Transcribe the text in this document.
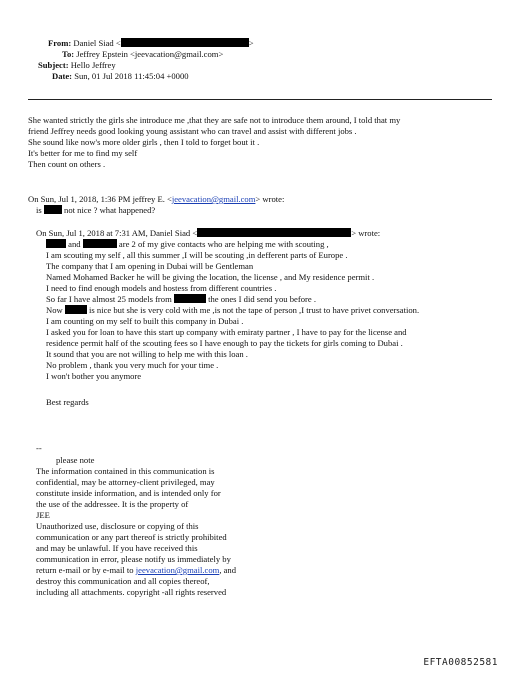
From: Daniel Siad <	>
To: Jeffrey Epstein <jeevacation@gmail.com>
Subject: Hello Jeffrey
Date: Sun, 01 Jul 2018 11:45:04 +0000
She wanted strictly the girls she introduce me ,that they are safe not to introduce them around, I told that my
friend Jeffrey needs good looking young assistant who can travel and assist with different jobs .
She sound like now's more older girls , then I told to forget bout it .
It's better for me to find my self
Then count on others .
On Sun, Jul 1, 2018, 1:36 PM jeffrey E. <jeevacation@gmail.com> wrote:
is	not nice ? what happened?
On Sun, Jul 1, 2018 at 7:31 AM, Daniel Siad <	> wrote:
and	are 2 of my give contacts who are helping me with scouting ,
I am scouting my self , all this summer ,I will be scouting ,in defferent parts of Europe .
The company that I am opening in Dubai will be Gentleman
Named Mohamed Backer he will be giving the location, the license , and My residence permit .
I need to find enough models and hostess from different countries .
So far I have almost 25 models from	the ones I did send you before .
Now	is nice but she is very cold with me ,is not the tape of person ,I trust to have privet conversation.
I am counting on my self to built this company in Dubai .
I asked you for loan to have this start up company with emiraty partner , I have to pay for the license and
residence permit half of the scouting fees so I have enough to pay the tickets for girls coming to Dubai .
It sound that you are not willing to help me with this loan .
No problem , thank you very much for your time .
I won't bother you anymore
Best regards
--
please note
The information contained in this communication is
confidential, may be attorney-client privileged, may
constitute inside information, and is intended only for
the use of the addressee. It is the property of
JEE
Unauthorized use, disclosure or copying of this
communication or any part thereof is strictly prohibited
and may be unlawful. If you have received this
communication in error, please notify us immediately by
return e-mail or by e-mail to jeevacation@gmail.com, and
destroy this communication and all copies thereof,
including all attachments. copyright -all rights reserved
EFTA00852581
